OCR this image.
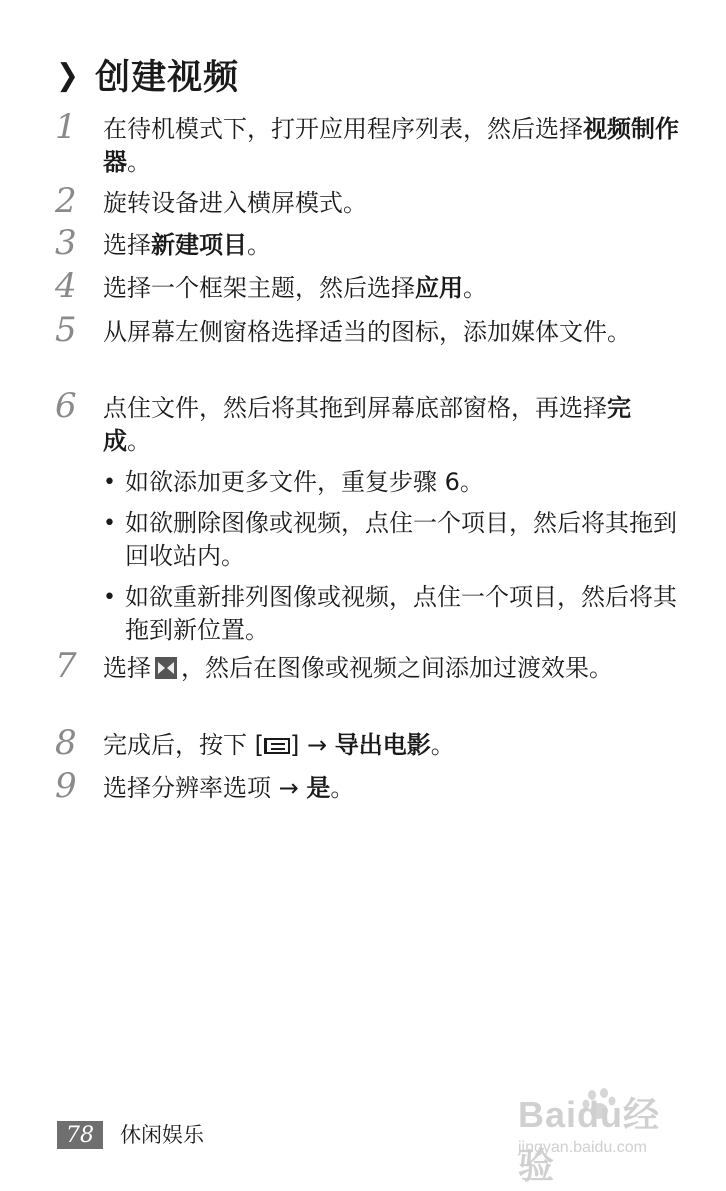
❯ 创建视频
1	在待机模式下，打开应用程序列表，然后选择视频制作器。
2	旋转设备进入横屏模式。
3	选择新建项目。
4	选择一个框架主题，然后选择应用。
5	从屏幕左侧窗格选择适当的图标，添加媒体文件。
6	点住文件，然后将其拖到屏幕底部窗格，再选择完成。
• 如欲添加更多文件，重复步骤 6。
• 如欲删除图像或视频，点住一个项目，然后将其拖到回收站内。
• 如欲重新排列图像或视频，点住一个项目，然后将其拖到新位置。
7	选择 ，然后在图像或视频之间添加过渡效果。
8	完成后，按下 [ ] → 导出电影。
9	选择分辨率选项 → 是。
78	休闲娱乐	Baidu经验
jingyan.baidu.com
